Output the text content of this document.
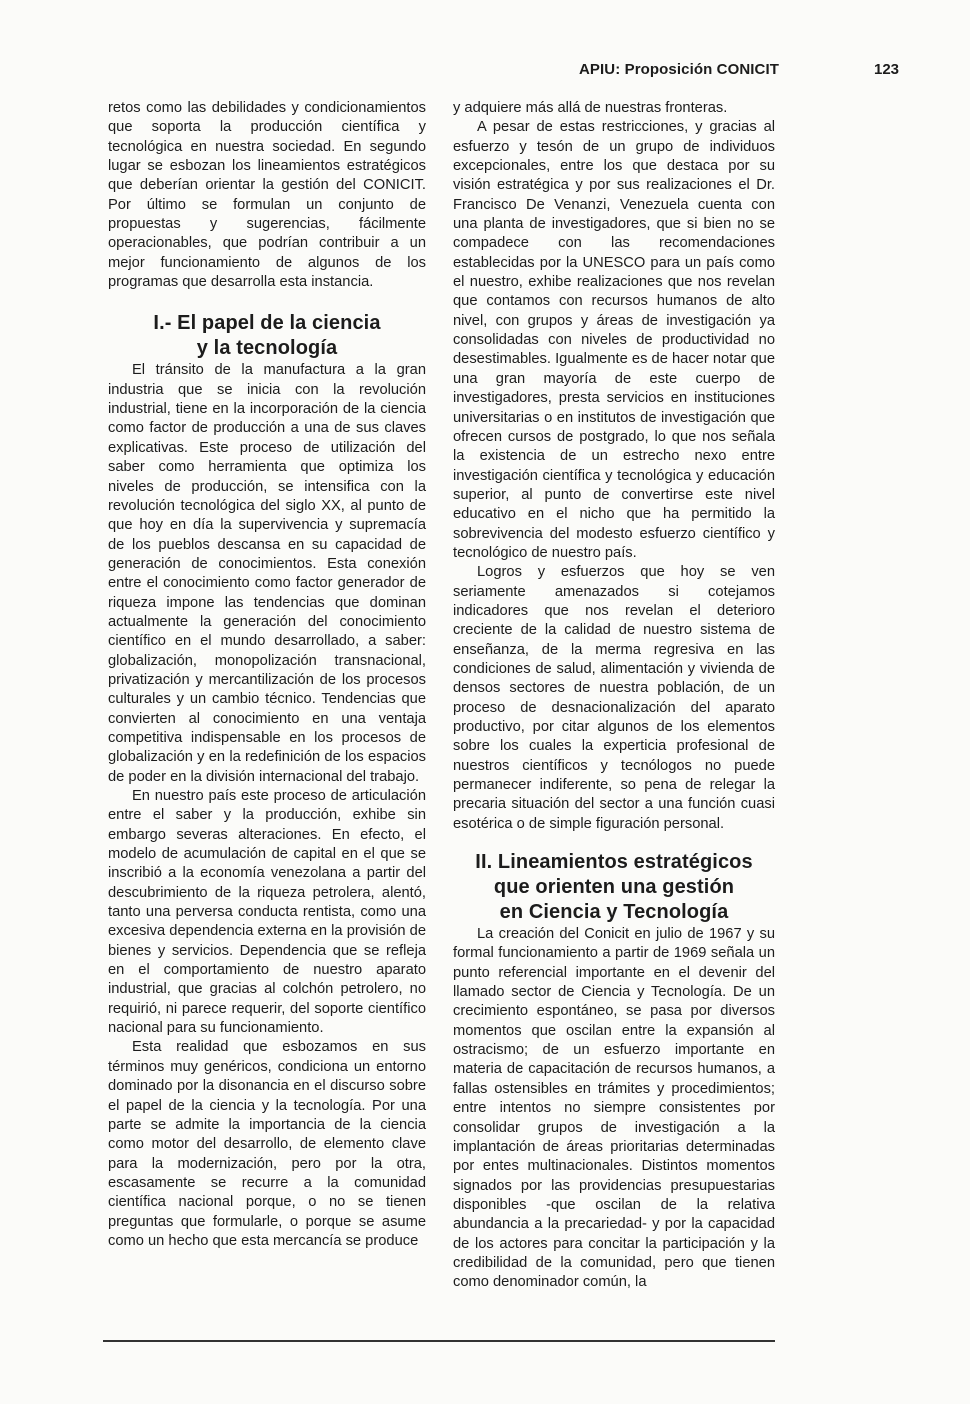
APIU: Proposición CONICIT	123

retos como las debilidades y condicionamientos que soporta la producción científica y tecnológica en nuestra sociedad. En segundo lugar se esbozan los lineamientos estratégicos que deberían orientar la gestión del CONICIT. Por último se formulan un conjunto de propuestas y sugerencias, fácilmente operacionables, que podrían contribuir a un mejor funcionamiento de algunos de los programas que desarrolla esta instancia.

I.- El papel de la ciencia
y la tecnología

El tránsito de la manufactura a la gran industria que se inicia con la revolución industrial, tiene en la incorporación de la ciencia como factor de producción a una de sus claves explicativas. Este proceso de utilización del saber como herramienta que optimiza los niveles de producción, se intensifica con la revolución tecnológica del siglo XX, al punto de que hoy en día la supervivencia y supremacía de los pueblos descansa en su capacidad de generación de conocimientos. Esta conexión entre el conocimiento como factor generador de riqueza impone las tendencias que dominan actualmente la generación del conocimiento científico en el mundo desarrollado, a saber: globalización, monopolización transnacional, privatización y mercantilización de los procesos culturales y un cambio técnico. Tendencias que convierten al conocimiento en una ventaja competitiva indispensable en los procesos de globalización y en la redefinición de los espacios de poder en la división internacional del trabajo.

En nuestro país este proceso de articulación entre el saber y la producción, exhibe sin embargo severas alteraciones. En efecto, el modelo de acumulación de capital en el que se inscribió a la economía venezolana a partir del descubrimiento de la riqueza petrolera, alentó, tanto una perversa conducta rentista, como una excesiva dependencia externa en la provisión de bienes y servicios. Dependencia que se refleja en el comportamiento de nuestro aparato industrial, que gracias al colchón petrolero, no requirió, ni parece requerir, del soporte científico nacional para su funcionamiento.

Esta realidad que esbozamos en sus términos muy genéricos, condiciona un entorno dominado por la disonancia en el discurso sobre el papel de la ciencia y la tecnología. Por una parte se admite la importancia de la ciencia como motor del desarrollo, de elemento clave para la modernización, pero por la otra, escasamente se recurre a la comunidad científica nacional porque, o no se tienen preguntas que formularle, o porque se asume como un hecho que esta mercancía se produce

y adquiere más allá de nuestras fronteras.

A pesar de estas restricciones, y gracias al esfuerzo y tesón de un grupo de individuos excepcionales, entre los que destaca por su visión estratégica y por sus realizaciones el Dr. Francisco De Venanzi, Venezuela cuenta con una planta de investigadores, que si bien no se compadece con las recomendaciones establecidas por la UNESCO para un país como el nuestro, exhibe realizaciones que nos revelan que contamos con recursos humanos de alto nivel, con grupos y áreas de investigación ya consolidadas con niveles de productividad no desestimables. Igualmente es de hacer notar que una gran mayoría de este cuerpo de investigadores, presta servicios en instituciones universitarias o en institutos de investigación que ofrecen cursos de postgrado, lo que nos señala la existencia de un estrecho nexo entre investigación científica y tecnológica y educación superior, al punto de convertirse este nivel educativo en el nicho que ha permitido la sobrevivencia del modesto esfuerzo científico y tecnológico de nuestro país.

Logros y esfuerzos que hoy se ven seriamente amenazados si cotejamos indicadores que nos revelan el deterioro creciente de la calidad de nuestro sistema de enseñanza, de la merma regresiva en las condiciones de salud, alimentación y vivienda de densos sectores de nuestra población, de un proceso de desnacionalización del aparato productivo, por citar algunos de los elementos sobre los cuales la experticia profesional de nuestros científicos y tecnólogos no puede permanecer indiferente, so pena de relegar la precaria situación del sector a una función cuasi esotérica o de simple figuración personal.

II. Lineamientos estratégicos
que orienten una gestión
en Ciencia y Tecnología

La creación del Conicit en julio de 1967 y su formal funcionamiento a partir de 1969 señala un punto referencial importante en el devenir del llamado sector de Ciencia y Tecnología. De un crecimiento espontáneo, se pasa por diversos momentos que oscilan entre la expansión al ostracismo; de un esfuerzo importante en materia de capacitación de recursos humanos, a fallas ostensibles en trámites y procedimientos; entre intentos no siempre consistentes por consolidar grupos de investigación a la implantación de áreas prioritarias determinadas por entes multinacionales. Distintos momentos signados por las providencias presupuestarias disponibles -que oscilan de la relativa abundancia a la precariedad- y por la capacidad de los actores para concitar la participación y la credibilidad de la comunidad, pero que tienen como denominador común, la
